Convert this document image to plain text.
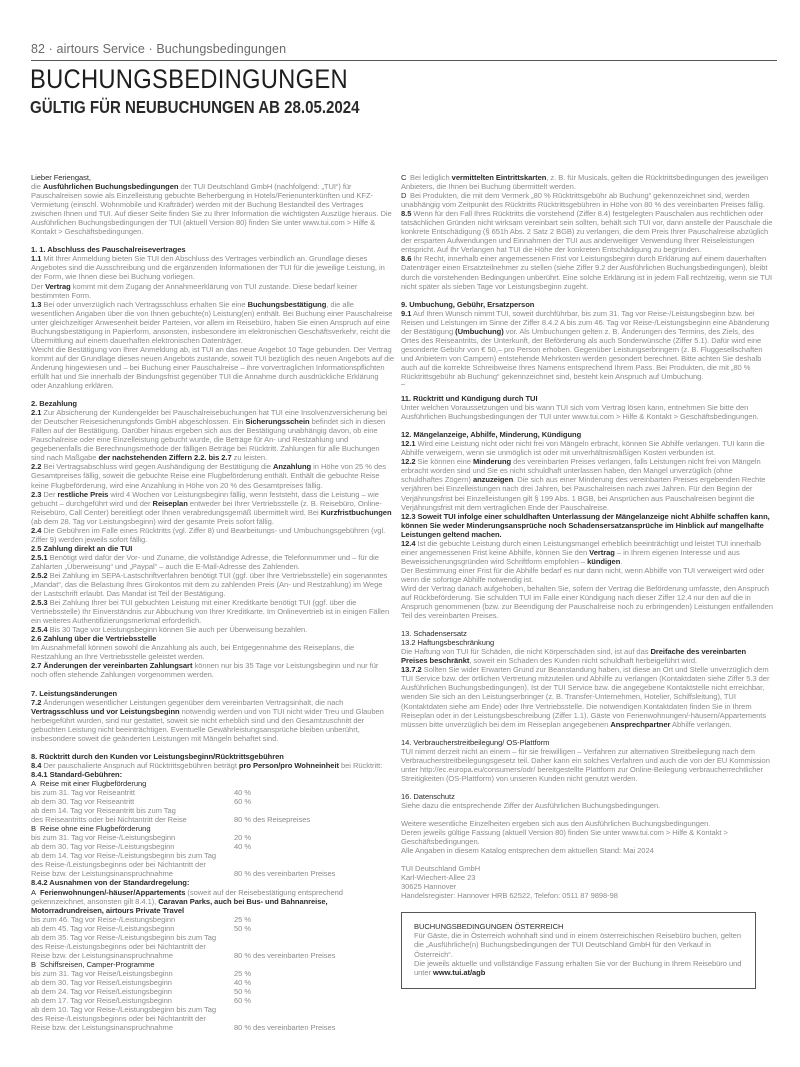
82 · airtours Service · Buchungsbedingungen
BUCHUNGSBEDINGUNGEN
GÜLTIG FÜR NEUBUCHUNGEN AB 28.05.2024
Lieber Feriengast,
die Ausführlichen Buchungsbedingungen der TUI Deutschland GmbH (nachfolgend: „TUI“) für Pauschalreisen sowie als Einzelleistung gebuchte Beherbergung in Hotels/Ferienunterkünften und KFZ-Vermietung (einschl. Wohnmobile und Krafträder) werden mit der Buchung Bestandteil des Vertrages zwischen Ihnen und TUI. Auf dieser Seite finden Sie zu Ihrer Information die wichtigsten Auszüge hieraus. Die Ausführlichen Buchungsbedingungen der TUI (aktuell Version 80) finden Sie unter www.tui.com > Hilfe & Kontakt > Geschäftsbedingungen.
1. 1. Abschluss des Pauschalreisevertrages
1.1 Mit Ihrer Anmeldung bieten Sie TUI den Abschluss des Vertrages verbindlich an. Grundlage dieses Angebotes sind die Ausschreibung und die ergänzenden Informationen der TUI für die jeweilige Leistung, in der Form, wie Ihnen diese bei Buchung vorliegen.
Der Vertrag kommt mit dem Zugang der Annahmeerklärung von TUI zustande. Diese bedarf keiner bestimmten Form.
1.3 Bei oder unverzüglich nach Vertragsschluss erhalten Sie eine Buchungsbestätigung, die alle wesentlichen Angaben über die von Ihnen gebuchte(n) Leistung(en) enthält. Bei Buchung einer Pauschalreise unter gleichzeitiger Anwesenheit beider Parteien, vor allem im Reisebüro, haben Sie einen Anspruch auf eine Buchungsbestätigung in Papierform, ansonsten, insbesondere im elektronischen Geschäftsverkehr, reicht die Übermittlung auf einem dauerhaften elektronischen Datenträger.
Weicht die Bestätigung von Ihrer Anmeldung ab, ist TUI an das neue Angebot 10 Tage gebunden. Der Vertrag kommt auf der Grundlage dieses neuen Angebots zustande, soweit TUI bezüglich des neuen Angebots auf die Änderung hingewiesen und – bei Buchung einer Pauschalreise – ihre vorvertraglichen Informationspflichten erfüllt hat und Sie innerhalb der Bindungsfrist gegenüber TUI die Annahme durch ausdrückliche Erklärung oder Anzahlung erklären.
2. Bezahlung
2.1 Zur Absicherung der Kundengelder bei Pauschalreisebuchungen hat TUI eine Insolvenzversicherung bei der Deutscher Reisesicherungsfonds GmbH abgeschlossen. Ein Sicherungsschein befindet sich in diesen Fällen auf der Bestätigung. Darüber hinaus ergeben sich aus der Bestätigung unabhängig davon, ob eine Pauschalreise oder eine Einzelleistung gebucht wurde, die Beträge für An- und Restzahlung und gegebenenfalls die Berechnungsmethode der fälligen Beträge bei Rücktritt. Zahlungen für alle Buchungen sind nach Maßgabe der nachstehenden Ziffern 2.2. bis 2.7 zu leisten.
2.2 Bei Vertragsabschluss wird gegen Aushändigung der Bestätigung die Anzahlung in Höhe von 25 % des Gesamtpreises fällig, soweit die gebuchte Reise eine Flugbeförderung enthält. Enthält die gebuchte Reise keine Flugbeförderung, wird eine Anzahlung in Höhe von 20 % des Gesamtpreises fällig.
2.3 Der restliche Preis wird 4 Wochen vor Leistungsbeginn fällig, wenn feststeht, dass die Leistung – wie gebucht – durchgeführt wird und der Reiseplan entweder bei Ihrer Vertriebsstelle (z. B. Reisebüro, Online-Reisebüro, Call Center) bereitliegt oder Ihnen verabredungsgemäß übermittelt wird. Bei Kurzfristbuchungen (ab dem 28. Tag vor Leistungsbeginn) wird der gesamte Preis sofort fällig.
2.4 Die Gebühren im Falle eines Rücktritts (vgl. Ziffer 8) und Bearbeitungs- und Umbuchungsgebühren (vgl. Ziffer 9) werden jeweils sofort fällig.
2.5 Zahlung direkt an die TUI
2.5.1 Benötigt wird dafür der Vor- und Zuname, die vollständige Adresse, die Telefonnummer und – für die Zahlarten „Überweisung“ und „Paypal“ – auch die E-Mail-Adresse des Zahlenden.
2.5.2 Bei Zahlung im SEPA-Lastschriftverfahren benötigt TUI (ggf. über Ihre Vertriebsstelle) ein sogenanntes „Mandat“, das die Belastung Ihres Girokontos mit dem zu zahlenden Preis (An- und Restzahlung) im Wege der Lastschrift erlaubt. Das Mandat ist Teil der Bestätigung.
2.5.3 Bei Zahlung Ihrer bei TUI gebuchten Leistung mit einer Kreditkarte benötigt TUI (ggf. über die Vertriebsstelle) Ihr Einverständnis zur Abbuchung von Ihrer Kreditkarte. Im Onlinevertrieb ist in einigen Fällen ein weiteres Authentifizierungsmerkmal erforderlich.
2.5.4 Bis 30 Tage vor Leistungsbeginn können Sie auch per Überweisung bezahlen.
2.6 Zahlung über die Vertriebsstelle
Im Ausnahmefall können sowohl die Anzahlung als auch, bei Entgegennahme des Reiseplans, die Restzahlung an Ihre Vertriebsstelle geleistet werden.
2.7 Änderungen der vereinbarten Zahlungsart können nur bis 35 Tage vor Leistungsbeginn und nur für noch offen stehende Zahlungen vorgenommen werden.
7. Leistungsänderungen
7.2 Änderungen wesentlicher Leistungen gegenüber dem vereinbarten Vertragsinhalt, die nach Vertragsschluss und vor Leistungsbeginn notwendig werden und von TUI nicht wider Treu und Glauben herbeigeführt wurden, sind nur gestattet, soweit sie nicht erheblich sind und den Gesamtzuschnitt der gebuchten Leistung nicht beeinträchtigen. Eventuelle Gewährleistungsansprüche bleiben unberührt, insbesondere soweit die geänderten Leistungen mit Mängeln behaftet sind.
8. Rücktritt durch den Kunden vor Leistungsbeginn/Rücktrittsgebühren
8.4 Der pauschalierte Anspruch auf Rücktrittsgebühren beträgt pro Person/pro Wohneinheit bei Rücktritt:
8.4.1 Standard-Gebühren:
A Reise mit einer Flugbeförderung
bis zum 31. Tag vor Reiseantritt	40 %
ab dem 30. Tag vor Reiseantritt	60 %
ab dem 14. Tag vor Reiseantritt bis zum Tag
des Reiseantritts oder bei Nichtantritt der Reise	80 % des Reisepreises
B Reise ohne eine Flugbeförderung
bis zum 31. Tag vor Reise-/Leistungsbeginn	20 %
ab dem 30. Tag vor Reise-/Leistungsbeginn	40 %
ab dem 14. Tag vor Reise-/Leistungsbeginn bis zum Tag
des Reise-/Leistungsbeginns oder bei Nichtantritt der
Reise bzw. der Leistungsinanspruchnahme	80 % des vereinbarten Preises
8.4.2 Ausnahmen von der Standardregelung:
A Ferienwohnungen/-häuser/Appartements (soweit auf der Reisebestätigung entsprechend gekennzeichnet, ansonsten gilt 8.4.1), Caravan Parks, auch bei Bus- und Bahnanreise, Motorradrundreisen, airtours Private Travel
bis zum 46. Tag vor Reise-/Leistungsbeginn	25 %
ab dem 45. Tag vor Reise-/Leistungsbeginn	50 %
ab dem 35. Tag vor Reise-/Leistungsbeginn bis zum Tag
des Reise-/Leistungsbeginns oder bei Nichtantritt der
Reise bzw. der Leistungsinanspruchnahme	80 % des vereinbarten Preises
B Schiffsreisen, Camper-Programme
bis zum 31. Tag vor Reise/Leistungsbeginn	25 %
ab dem 30. Tag vor Reise/Leistungsbeginn	40 %
ab dem 24. Tag vor Reise/Leistungsbeginn	50 %
ab dem 17. Tag vor Reise/Leistungsbeginn	60 %
ab dem 10. Tag vor Reise-/Leistungsbeginn bis zum Tag
des Reise-/Leistungsbeginns oder bei Nichtantritt der
Reise bzw. der Leistungsinanspruchnahme	80 % des vereinbarten Preises
C Bei lediglich vermittelten Eintrittskarten, z. B. für Musicals, gelten die Rücktrittsbedingungen des jeweiligen Anbieters, die Ihnen bei Buchung übermittelt werden.
D Bei Produkten, die mit dem Vermerk „80 % Rücktrittsgebühr ab Buchung“ gekennzeichnet sind, werden unabhängig vom Zeitpunkt des Rücktritts Rücktrittsgebühren in Höhe von 80 % des vereinbarten Preises fällig.
8.5 Wenn für den Fall Ihres Rücktritts die vorstehend (Ziffer 8.4) festgelegten Pauschalen aus rechtlichen oder tatsächlichen Gründen nicht wirksam vereinbart sein sollten, behält sich TUI vor, dann anstelle der Pauschale die konkrete Entschädigung (§ 651h Abs. 2 Satz 2 BGB) zu verlangen, die dem Preis Ihrer Pauschalreise abzüglich der ersparten Aufwendungen und Einnahmen der TUI aus anderweitiger Verwendung Ihrer Reiseleistungen entspricht. Auf Ihr Verlangen hat TUI die Höhe der konkreten Entschädigung zu begründen.
8.6 Ihr Recht, innerhalb einer angemessenen Frist vor Leistungsbeginn durch Erklärung auf einem dauerhaften Datenträger einen Ersatzteilnehmer zu stellen (siehe Ziffer 9.2 der Ausführlichen Buchungsbedingungen), bleibt durch die vorstehenden Bedingungen unberührt. Eine solche Erklärung ist in jedem Fall rechtzeitig, wenn sie TUI nicht später als sieben Tage vor Leistungsbeginn zugeht.
9. Umbuchung, Gebühr, Ersatzperson
9.1 Auf Ihren Wunsch nimmt TUI, soweit durchführbar, bis zum 31. Tag vor Reise-/Leistungsbeginn bzw. bei Reisen und Leistungen im Sinne der Ziffer 8.4.2 A bis zum 46. Tag vor Reise-/Leistungsbeginn eine Abänderung der Bestätigung (Umbuchung) vor. Als Umbuchungen gelten z. B. Änderungen des Termins, des Ziels, des Ortes des Reiseantritts, der Unterkunft, der Beförderung als auch Sonderwünsche (Ziffer 5.1). Dafür wird eine gesonderte Gebühr von € 50,– pro Person erhoben. Gegenüber Leistungserbringern (z. B. Fluggesellschaften und Anbietern von Campern) entstehende Mehrkosten werden gesondert berechnet. Bitte achten Sie deshalb auch auf die korrekte Schreibweise Ihres Namens entsprechend Ihrem Pass. Bei Produkten, die mit „80 % Rücktrittsgebühr ab Buchung“ gekennzeichnet sind, besteht kein Anspruch auf Umbuchung.
11. Rücktritt und Kündigung durch TUI
Unter welchen Voraussetzungen und bis wann TUI sich vom Vertrag lösen kann, entnehmen Sie bitte den Ausführlichen Buchungsbedingungen der TUI unter www.tui.com > Hilfe & Kontakt > Geschäftsbedingungen.
12. Mängelanzeige, Abhilfe, Minderung, Kündigung
12.1 Wird eine Leistung nicht oder nicht frei von Mängeln erbracht, können Sie Abhilfe verlangen. TUI kann die Abhilfe verweigern, wenn sie unmöglich ist oder mit unverhältnismäßigen Kosten verbunden ist.
12.2 Sie können eine Minderung des vereinbarten Preises verlangen, falls Leistungen nicht frei von Mängeln erbracht worden sind und Sie es nicht schuldhaft unterlassen haben, den Mangel unverzüglich (ohne schuldhaftes Zögern) anzuzeigen. Die sich aus einer Minderung des vereinbarten Preises ergebenden Rechte verjähren bei Einzelleistungen nach drei Jahren, bei Pauschalreisen nach zwei Jahren. Für den Beginn der Verjährungsfrist bei Einzelleistungen gilt § 199 Abs. 1 BGB, bei Ansprüchen aus Pauschalreisen beginnt die Verjährungsfrist mit dem vertraglichen Ende der Pauschalreise.
12.3 Soweit TUI infolge einer schuldhaften Unterlassung der Mängelanzeige nicht Abhilfe schaffen kann, können Sie weder Minderungsansprüche noch Schadensersatzansprüche im Hinblick auf mangelhafte Leistungen geltend machen.
12.4 Ist die gebuchte Leistung durch einen Leistungsmangel erheblich beeinträchtigt und leistet TUI innerhalb einer angemessenen Frist keine Abhilfe, können Sie den Vertrag – in Ihrem eigenen Interesse und aus Beweissicherungsgründen wird Schriftform empfohlen – kündigen.
Der Bestimmung einer Frist für die Abhilfe bedarf es nur dann nicht, wenn Abhilfe von TUI verweigert wird oder wenn die sofortige Abhilfe notwendig ist.
Wird der Vertrag danach aufgehoben, behalten Sie, sofern der Vertrag die Beförderung umfasste, den Anspruch auf Rückbeförderung. Sie schulden TUI im Falle einer Kündigung nach dieser Ziffer 12.4 nur den auf die in Anspruch genommenen (bzw. zur Beendigung der Pauschalreise noch zu erbringenden) Leistungen entfallenden Teil des vereinbarten Preises.
13. Schadensersatz
13.2 Haftungsbeschränkung
Die Haftung von TUI für Schäden, die nicht Körperschäden sind, ist auf das Dreifache des vereinbarten Preises beschränkt, soweit ein Schaden des Kunden nicht schuldhaft herbeigeführt wird.
13.7.2 Sollten Sie wider Erwarten Grund zur Beanstandung haben, ist diese an Ort und Stelle unverzüglich dem TUI Service bzw. der örtlichen Vertretung mitzuteilen und Abhilfe zu verlangen (Kontaktdaten siehe Ziffer 5.3 der Ausführlichen Buchungsbedingungen). Ist der TUI Service bzw. die angegebene Kontaktstelle nicht erreichbar, wenden Sie sich an den Leistungserbringer (z. B. Transfer-Unternehmen, Hotelier, Schiffsleitung), TUI (Kontaktdaten siehe am Ende) oder Ihre Vertriebsstelle. Die notwendigen Kontaktdaten finden Sie in Ihrem Reiseplan oder in der Leistungsbeschreibung (Ziffer 1.1). Gäste von Ferienwohnungen/-häusern/Appartements müssen bitte unverzüglich bei dem im Reiseplan angegebenen Ansprechpartner Abhilfe verlangen.
14. Verbraucherstreitbeilegung/ OS-Plattform
TUI nimmt derzeit nicht an einem – für sie freiwilligen – Verfahren zur alternativen Streitbeilegung nach dem Verbraucherstreitbeilegungsgesetz teil. Daher kann ein solches Verfahren und auch die von der EU Kommission unter http://ec.europa.eu/consumers/odr/ bereitgestellte Plattform zur Online-Beilegung verbraucherrechtlicher Streitigkeiten (OS-Plattform) von unseren Kunden nicht genutzt werden.
16. Datenschutz
Siehe dazu die entsprechende Ziffer der Ausführlichen Buchungsbedingungen.
Weitere wesentliche Einzelheiten ergeben sich aus den Ausführlichen Buchungsbedingungen.
Deren jeweils gültige Fassung (aktuell Version 80) finden Sie unter www.tui.com > Hilfe & Kontakt > Geschäftsbedingungen.
Alle Angaben in diesem Katalog entsprechen dem aktuellen Stand: Mai 2024
TUI Deutschland GmbH
Karl-Wiechert-Allee 23
30625 Hannover
Handelsregister: Hannover HRB 62522, Telefon: 0511 87 9898-98
BUCHUNGSBEDINGUNGEN ÖSTERREICH
Für Gäste, die in Österreich wohnhaft sind und in einem österreichischen Reisebüro buchen, gelten die „Ausführliche(n) Buchungsbedingungen der TUI Deutschland GmbH für den Verkauf in Österreich“.
Die jeweils aktuelle und vollständige Fassung erhalten Sie vor der Buchung in Ihrem Reisebüro und unter www.tui.at/agb
